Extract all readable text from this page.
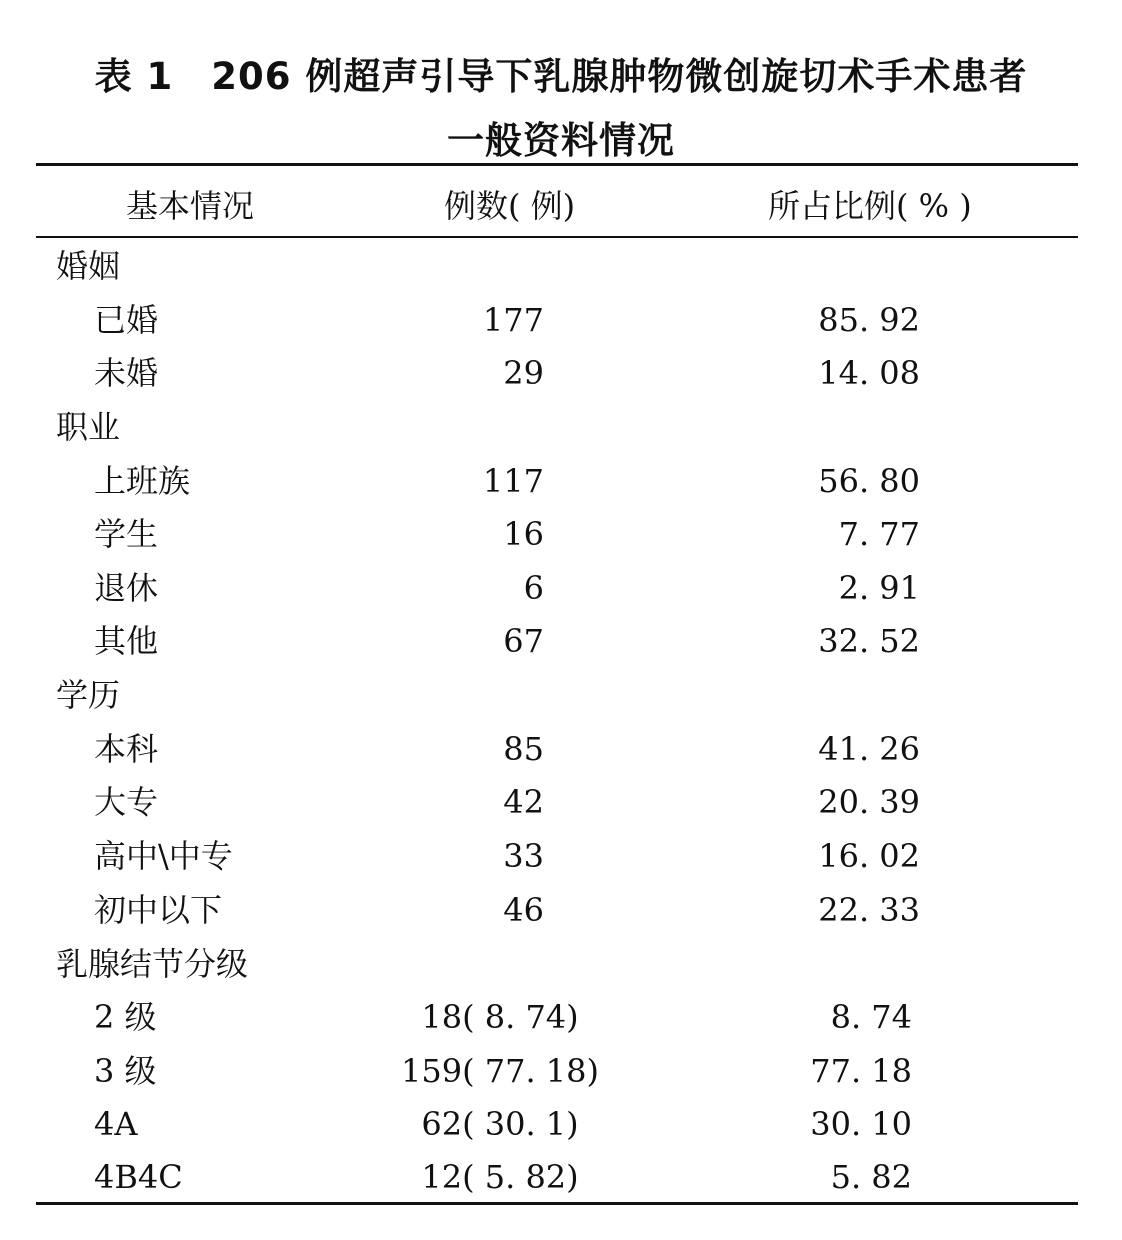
表 1　206 例超声引导下乳腺肿物微创旋切术手术患者
一般资料情况
基本情况	例数( 例)	所占比例( % )
婚姻
已婚	177	85. 92
未婚	29	14. 08
职业
上班族	117	56. 80
学生	16	7. 77
退休	6	2. 91
其他	67	32. 52
学历
本科	85	41. 26
大专	42	20. 39
高中\中专	33	16. 02
初中以下	46	22. 33
乳腺结节分级
2 级	18( 8. 74)	8. 74
3 级	159( 77. 18)	77. 18
4A	62( 30. 1)	30. 10
4B4C	12( 5. 82)	5. 82
